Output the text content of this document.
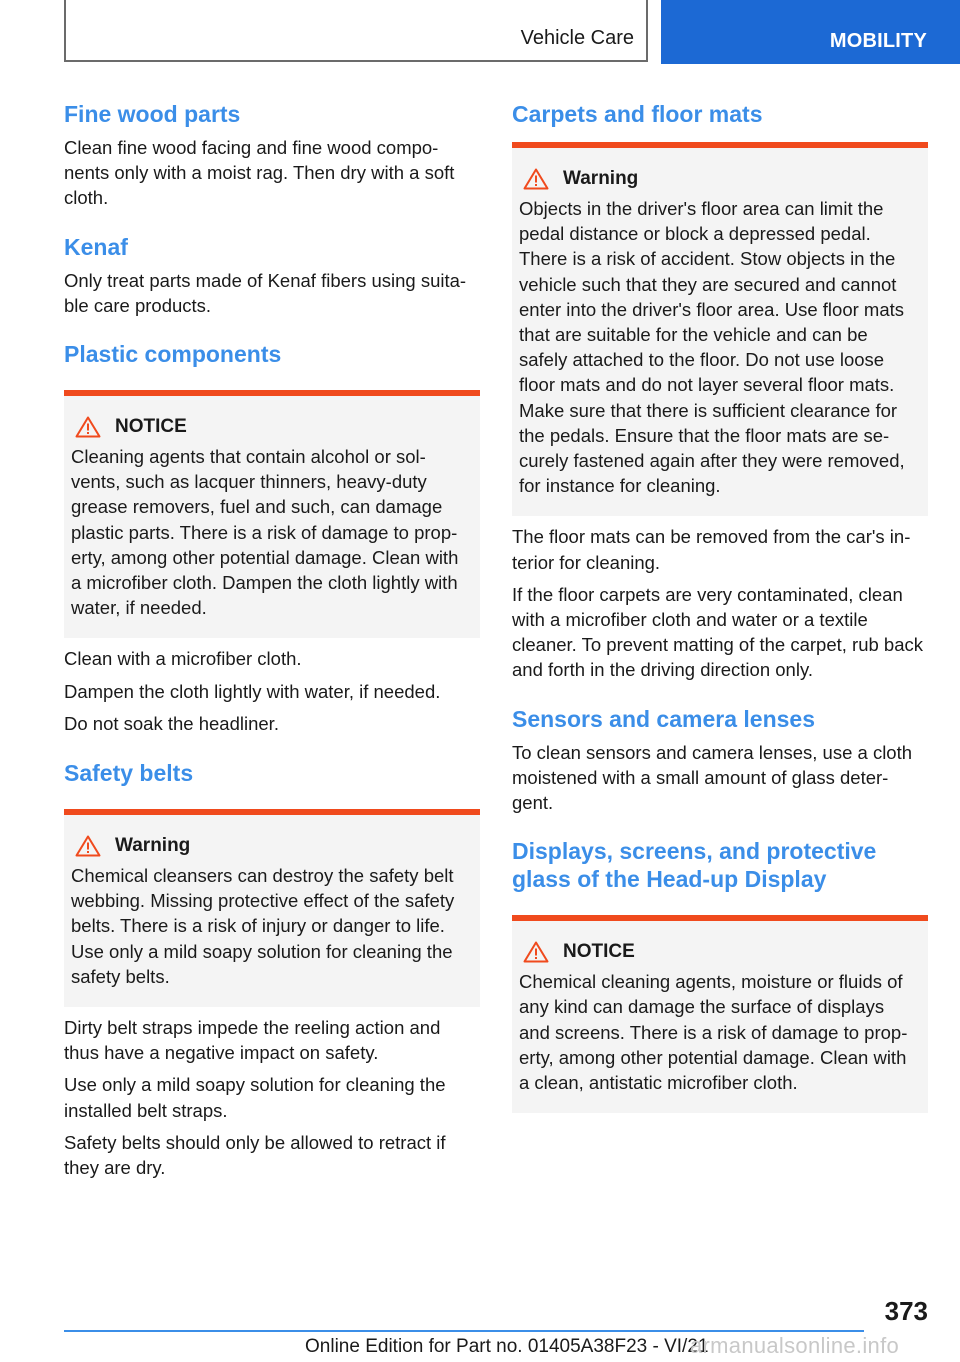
Vehicle Care	MOBILITY
Fine wood parts

Clean fine wood facing and fine wood compo- nents only with a moist rag. Then dry with a soft cloth.

Kenaf

Only treat parts made of Kenaf fibers using suita- ble care products.

Plastic components
NOTICE

Cleaning agents that contain alcohol or sol- vents, such as lacquer thinners, heavy-duty grease removers, fuel and such, can damage plastic parts. There is a risk of damage to prop- erty, among other potential damage. Clean with a microfiber cloth. Dampen the cloth lightly with water, if needed.

Clean with a microfiber cloth.

Dampen the cloth lightly with water, if needed.

Do not soak the headliner.

Safety belts
Warning

Chemical cleansers can destroy the safety belt webbing. Missing protective effect of the safety belts. There is a risk of injury or danger to life. Use only a mild soapy solution for cleaning the safety belts.

Dirty belt straps impede the reeling action and thus have a negative impact on safety.

Use only a mild soapy solution for cleaning the installed belt straps.

Safety belts should only be allowed to retract if they are dry.

Carpets and floor mats
Warning

Objects in the driver's floor area can limit the pedal distance or block a depressed pedal. There is a risk of accident. Stow objects in the vehicle such that they are secured and cannot enter into the driver's floor area. Use floor mats that are suitable for the vehicle and can be safely attached to the floor. Do not use loose floor mats and do not layer several floor mats. Make sure that there is sufficient clearance for the pedals. Ensure that the floor mats are se- curely fastened again after they were removed, for instance for cleaning.

The floor mats can be removed from the car's in- terior for cleaning.

If the floor carpets are very contaminated, clean with a microfiber cloth and water or a textile cleaner. To prevent matting of the carpet, rub back and forth in the driving direction only.

Sensors and camera lenses

To clean sensors and camera lenses, use a cloth moistened with a small amount of glass deter- gent.

Displays, screens, and protective glass of the Head-up Display
NOTICE

Chemical cleaning agents, moisture or fluids of any kind can damage the surface of displays and screens. There is a risk of damage to prop- erty, among other potential damage. Clean with a clean, antistatic microfiber cloth.

373
Online Edition for Part no. 01405A38F23 - VI/21
armanualsonline.info
